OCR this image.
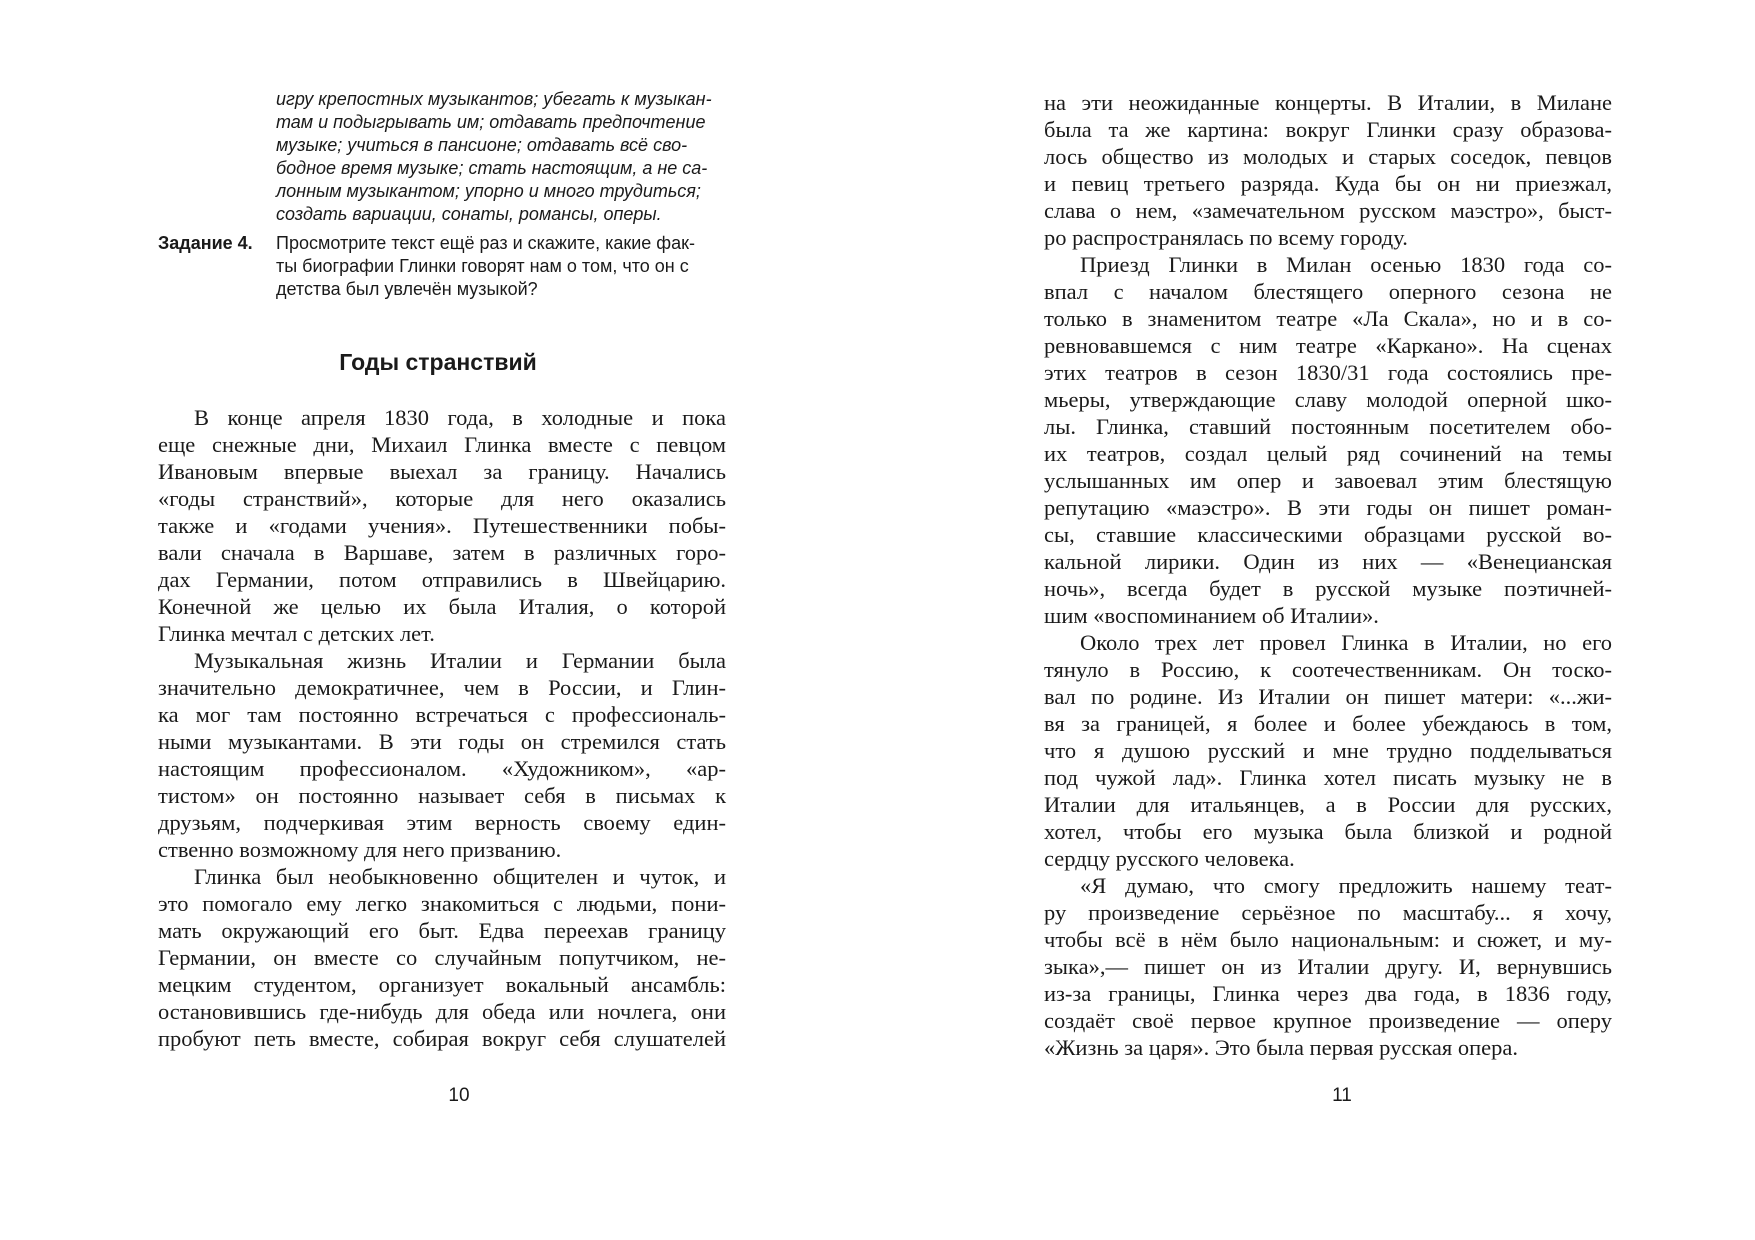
игру крепостных музыкантов; убегать к музыкан-
там и подыгрывать им; отдавать предпочтение
музыке; учиться в пансионе; отдавать всё сво-
бодное время музыке; стать настоящим, а не са-
лонным музыкантом; упорно и много трудиться;
создать вариации, сонаты, романсы, оперы.
Задание 4. Просмотрите текст ещё раз и скажите, какие фак-
ты биографии Глинки говорят нам о том, что он с
детства был увлечён музыкой?
Годы странствий
В конце апреля 1830 года, в холодные и пока
еще снежные дни, Михаил Глинка вместе с певцом
Ивановым впервые выехал за границу. Начались
«годы странствий», которые для него оказались
также и «годами учения». Путешественники побы-
вали сначала в Варшаве, затем в различных горо-
дах Германии, потом отправились в Швейцарию.
Конечной же целью их была Италия, о которой
Глинка мечтал с детских лет.
Музыкальная жизнь Италии и Германии была
значительно демократичнее, чем в России, и Глин-
ка мог там постоянно встречаться с профессиональ-
ными музыкантами. В эти годы он стремился стать
настоящим профессионалом. «Художником», «ар-
тистом» он постоянно называет себя в письмах к
друзьям, подчеркивая этим верность своему един-
ственно возможному для него призванию.
Глинка был необыкновенно общителен и чуток, и
это помогало ему легко знакомиться с людьми, пони-
мать окружающий его быт. Едва переехав границу
Германии, он вместе со случайным попутчиком, не-
мецким студентом, организует вокальный ансамбль:
остановившись где-нибудь для обеда или ночлега, они
пробуют петь вместе, собирая вокруг себя слушателей
10
на эти неожиданные концерты. В Италии, в Милане
была та же картина: вокруг Глинки сразу образова-
лось общество из молодых и старых соседок, певцов
и певиц третьего разряда. Куда бы он ни приезжал,
слава о нем, «замечательном русском маэстро», быст-
ро распространялась по всему городу.
Приезд Глинки в Милан осенью 1830 года со-
впал с началом блестящего оперного сезона не
только в знаменитом театре «Ла Скала», но и в со-
ревновавшемся с ним театре «Каркано». На сценах
этих театров в сезон 1830/31 года состоялись пре-
мьеры, утверждающие славу молодой оперной шко-
лы. Глинка, ставший постоянным посетителем обо-
их театров, создал целый ряд сочинений на темы
услышанных им опер и завоевал этим блестящую
репутацию «маэстро». В эти годы он пишет роман-
сы, ставшие классическими образцами русской во-
кальной лирики. Один из них — «Венецианская
ночь», всегда будет в русской музыке поэтичней-
шим «воспоминанием об Италии».
Около трех лет провел Глинка в Италии, но его
тянуло в Россию, к соотечественникам. Он тоско-
вал по родине. Из Италии он пишет матери: «...жи-
вя за границей, я более и более убеждаюсь в том,
что я душою русский и мне трудно подделываться
под чужой лад». Глинка хотел писать музыку не в
Италии для итальянцев, а в России для русских,
хотел, чтобы его музыка была близкой и родной
сердцу русского человека.
«Я думаю, что смогу предложить нашему теат-
ру произведение серьёзное по масштабу... я хочу,
чтобы всё в нём было национальным: и сюжет, и му-
зыка»,— пишет он из Италии другу. И, вернувшись
из-за границы, Глинка через два года, в 1836 году,
создаёт своё первое крупное произведение — оперу
«Жизнь за царя». Это была первая русская опера.
11
